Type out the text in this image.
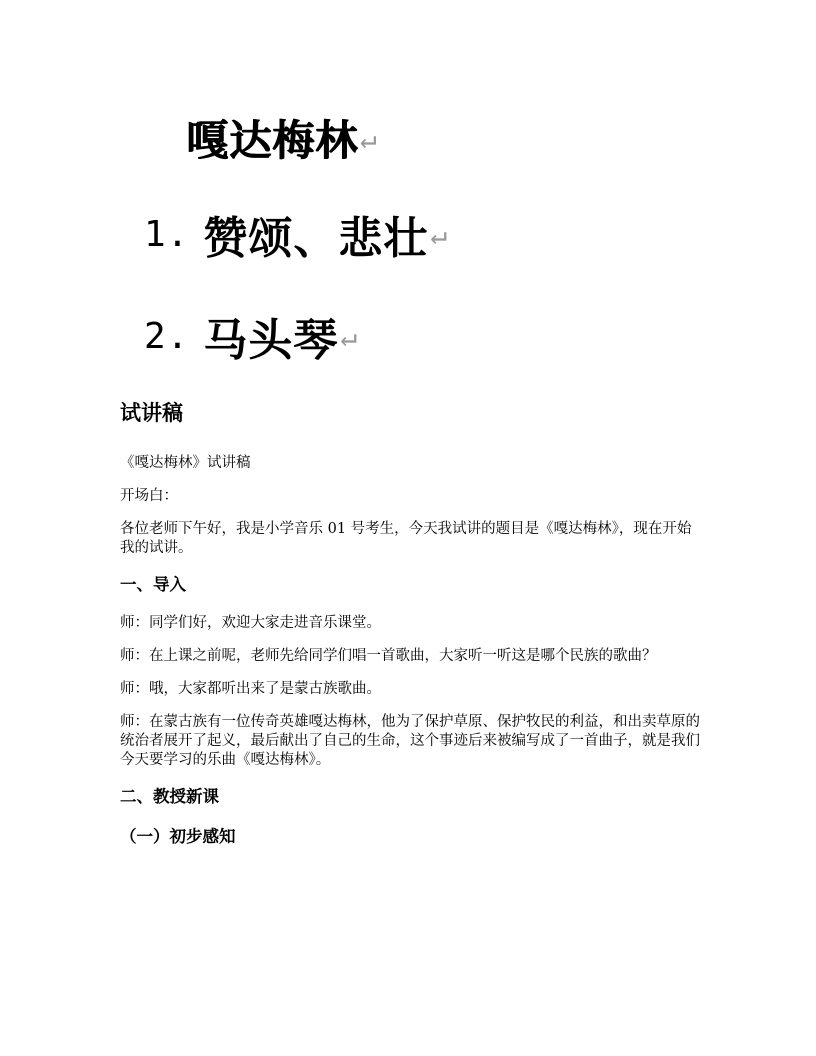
嘎达梅林 ↵
1. 赞颂、悲壮 ↵
2. 马头琴 ↵
试讲稿

《嘎达梅林》试讲稿

开场白：

各位老师下午好，我是小学音乐 01 号考生，今天我试讲的题目是《嘎达梅林》，现在开始我的试讲。

一、导入

师：同学们好，欢迎大家走进音乐课堂。

师：在上课之前呢，老师先给同学们唱一首歌曲，大家听一听这是哪个民族的歌曲？

师：哦，大家都听出来了是蒙古族歌曲。

师：在蒙古族有一位传奇英雄嘎达梅林，他为了保护草原、保护牧民的利益，和出卖草原的统治者展开了起义，最后献出了自己的生命，这个事迹后来被编写成了一首曲子，就是我们今天要学习的乐曲《嘎达梅林》。

二、教授新课
（一）初步感知
